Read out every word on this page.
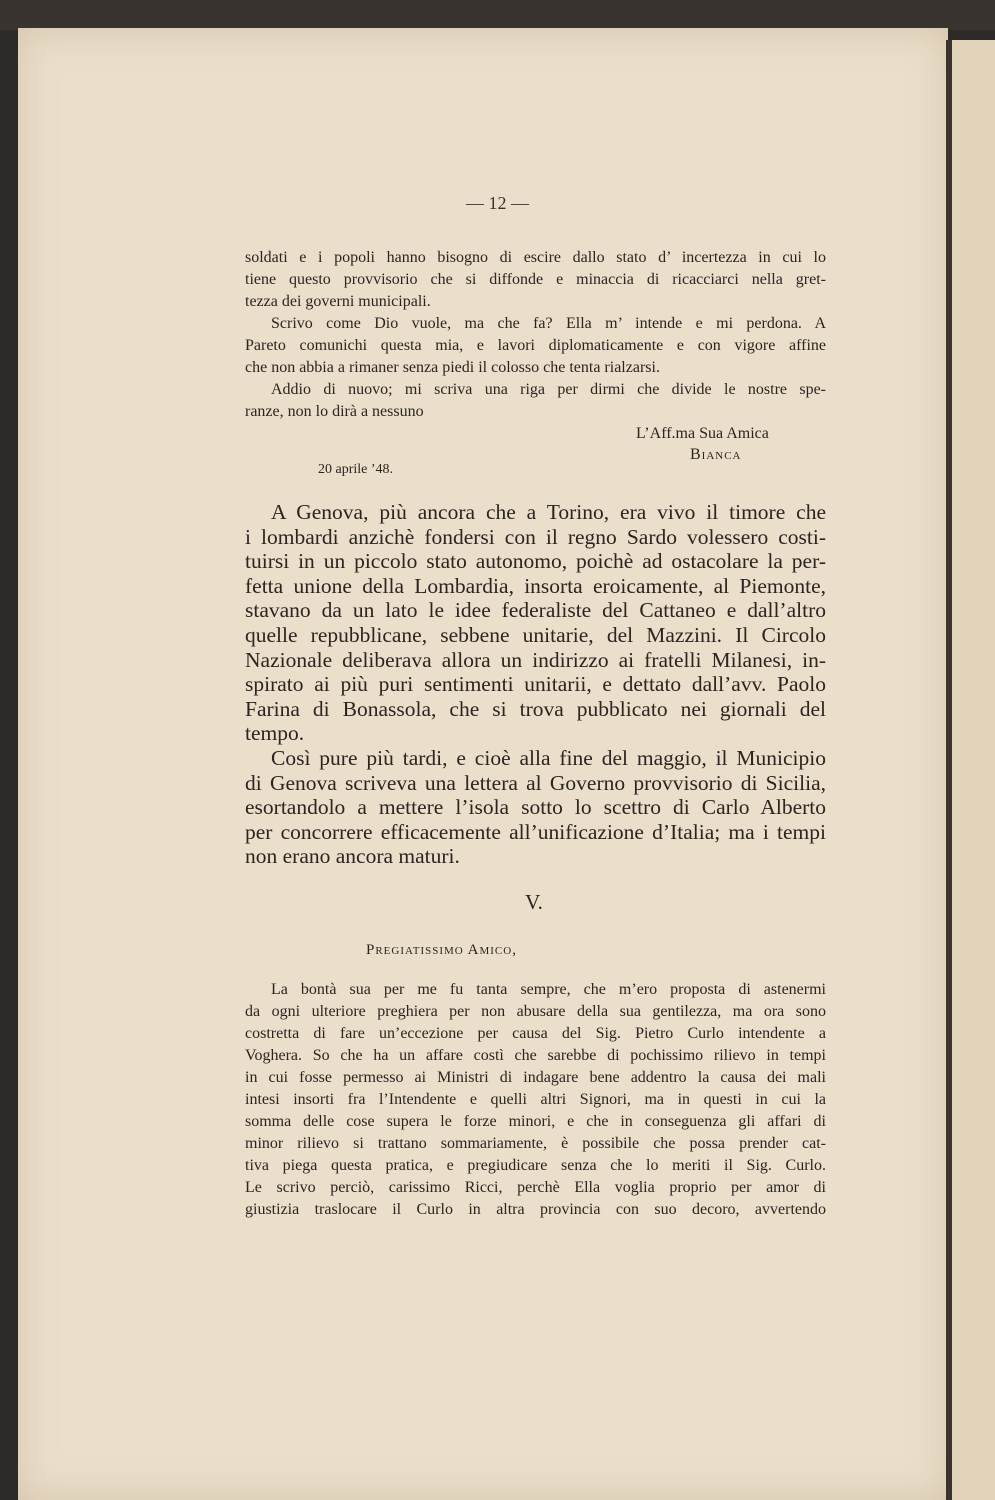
— 12 —
soldati e i popoli hanno bisogno di escire dallo stato d’ incertezza in cui lo
tiene questo provvisorio che si diffonde e minaccia di ricacciarci nella gret-
tezza dei governi municipali.
Scrivo come Dio vuole, ma che fa? Ella m’ intende e mi perdona. A
Pareto comunichi questa mia, e lavori diplomaticamente e con vigore affine
che non abbia a rimaner senza piedi il colosso che tenta rialzarsi.
Addio di nuovo; mi scriva una riga per dirmi che divide le nostre spe-
ranze, non lo dirà a nessuno
L’Aff.ma Sua Amica
Bianca
20 aprile ’48.
A Genova, più ancora che a Torino, era vivo il timore che
i lombardi anzichè fondersi con il regno Sardo volessero costi-
tuirsi in un piccolo stato autonomo, poichè ad ostacolare la per-
fetta unione della Lombardia, insorta eroicamente, al Piemonte,
stavano da un lato le idee federaliste del Cattaneo e dall’altro
quelle repubblicane, sebbene unitarie, del Mazzini. Il Circolo
Nazionale deliberava allora un indirizzo ai fratelli Milanesi, in-
spirato ai più puri sentimenti unitarii, e dettato dall’avv. Paolo
Farina di Bonassola, che si trova pubblicato nei giornali del
tempo.
Così pure più tardi, e cioè alla fine del maggio, il Municipio
di Genova scriveva una lettera al Governo provvisorio di Sicilia,
esortandolo a mettere l’isola sotto lo scettro di Carlo Alberto
per concorrere efficacemente all’unificazione d’Italia; ma i tempi
non erano ancora maturi.
V.
Pregiatissimo Amico,
La bontà sua per me fu tanta sempre, che m’ero proposta di astenermi
da ogni ulteriore preghiera per non abusare della sua gentilezza, ma ora sono
costretta di fare un’eccezione per causa del Sig. Pietro Curlo intendente a
Voghera. So che ha un affare costì che sarebbe di pochissimo rilievo in tempi
in cui fosse permesso ai Ministri di indagare bene addentro la causa dei mali
intesi insorti fra l’Intendente e quelli altri Signori, ma in questi in cui la
somma delle cose supera le forze minori, e che in conseguenza gli affari di
minor rilievo si trattano sommariamente, è possibile che possa prender cat-
tiva piega questa pratica, e pregiudicare senza che lo meriti il Sig. Curlo.
Le scrivo perciò, carissimo Ricci, perchè Ella voglia proprio per amor di
giustizia traslocare il Curlo in altra provincia con suo decoro, avvertendo
